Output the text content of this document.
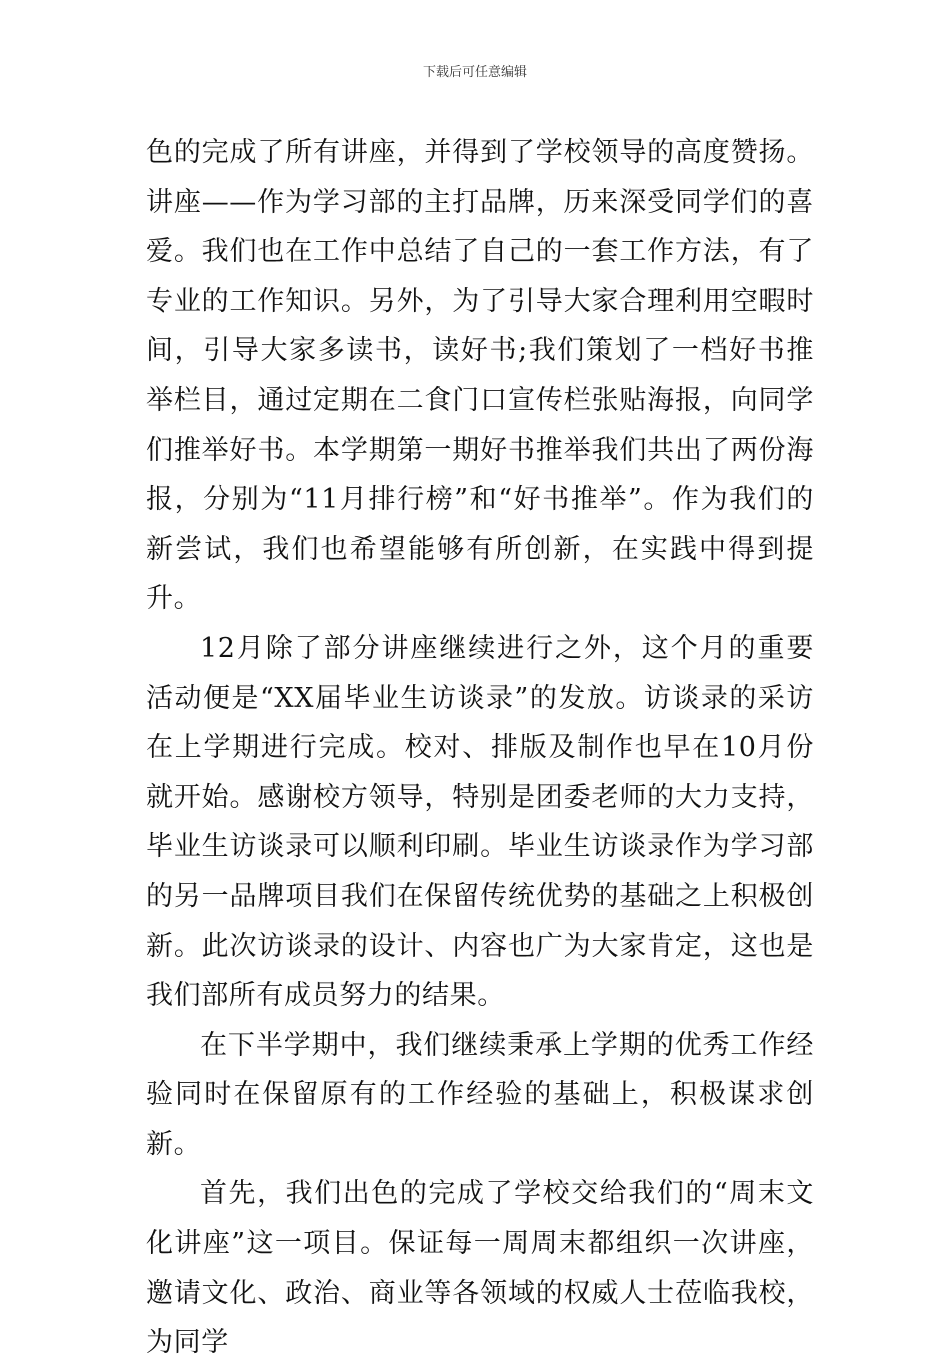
下载后可任意编辑

色的完成了所有讲座，并得到了学校领导的高度赞扬。讲座——作为学习部的主打品牌，历来深受同学们的喜爱。我们也在工作中总结了自己的一套工作方法，有了专业的工作知识。另外，为了引导大家合理利用空暇时间，引导大家多读书，读好书;我们策划了一档好书推举栏目，通过定期在二食门口宣传栏张贴海报，向同学们推举好书。本学期第一期好书推举我们共出了两份海报，分别为“11月排行榜”和“好书推举”。作为我们的新尝试，我们也希望能够有所创新，在实践中得到提升。

12月除了部分讲座继续进行之外，这个月的重要活动便是“XX届毕业生访谈录”的发放。访谈录的采访在上学期进行完成。校对、排版及制作也早在10月份就开始。感谢校方领导，特别是团委老师的大力支持，毕业生访谈录可以顺利印刷。毕业生访谈录作为学习部的另一品牌项目我们在保留传统优势的基础之上积极创新。此次访谈录的设计、内容也广为大家肯定，这也是我们部所有成员努力的结果。

在下半学期中，我们继续秉承上学期的优秀工作经验同时在保留原有的工作经验的基础上，积极谋求创新。

首先，我们出色的完成了学校交给我们的“周末文化讲座”这一项目。保证每一周周末都组织一次讲座，邀请文化、政治、商业等各领域的权威人士莅临我校，为同学
